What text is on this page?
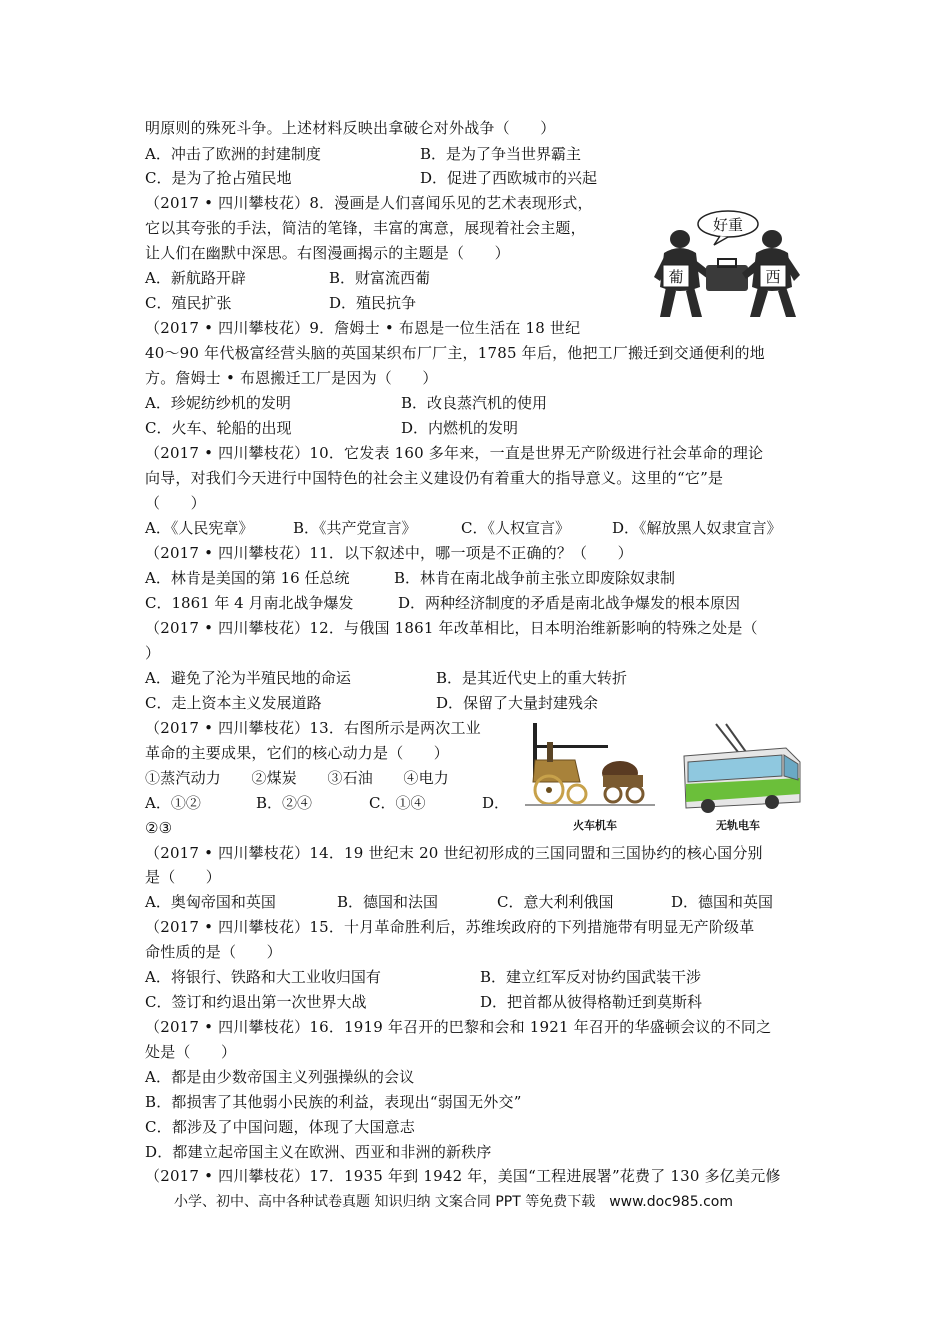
明原则的殊死斗争。上述材料反映出拿破仑对外战争（　　）
A．冲击了欧洲的封建制度	B．是为了争当世界霸主
C．是为了抢占殖民地	D．促进了西欧城市的兴起
（2017 • 四川攀枝花）8．漫画是人们喜闻乐见的艺术表现形式，
它以其夸张的手法，简洁的笔锋，丰富的寓意，展现着社会主题，
让人们在幽默中深思。右图漫画揭示的主题是（　　）
A．新航路开辟	B．财富流西葡
C．殖民扩张	D．殖民抗争
好重
葡	西
（2017 • 四川攀枝花）9．詹姆士 • 布恩是一位生活在 18 世纪
40～90 年代极富经营头脑的英国某织布厂厂主，1785 年后，他把工厂搬迁到交通便利的地
方。詹姆士 • 布恩搬迁工厂是因为（　　）
A．珍妮纺纱机的发明	B．改良蒸汽机的使用
C．火车、轮船的出现	D．内燃机的发明
（2017 • 四川攀枝花）10．它发表 160 多年来，一直是世界无产阶级进行社会革命的理论
向导，对我们今天进行中国特色的社会主义建设仍有着重大的指导意义。这里的“它”是
（　　）
A．《人民宪章》	B．《共产党宣言》	C．《人权宣言》	D．《解放黑人奴隶宣言》
（2017 • 四川攀枝花）11．以下叙述中，哪一项是不正确的？（　　）
A．林肯是美国的第 16 任总统	B．林肯在南北战争前主张立即废除奴隶制
C．1861 年 4 月南北战争爆发	D．两种经济制度的矛盾是南北战争爆发的根本原因
（2017 • 四川攀枝花）12．与俄国 1861 年改革相比，日本明治维新影响的特殊之处是（
）
A．避免了沦为半殖民地的命运	B．是其近代史上的重大转折
C．走上资本主义发展道路	D．保留了大量封建残余
（2017 • 四川攀枝花）13．右图所示是两次工业
革命的主要成果，它们的核心动力是（　　）
①蒸汽动力　　②煤炭　　③石油　　④电力
A．①②	B．②④	C．①④	D．
②③	火车机车	无轨电车
（2017 • 四川攀枝花）14．19 世纪末 20 世纪初形成的三国同盟和三国协约的核心国分别
是（　　）
A．奥匈帝国和英国	B．德国和法国	C．意大利利俄国	D．德国和英国
（2017 • 四川攀枝花）15．十月革命胜利后，苏维埃政府的下列措施带有明显无产阶级革
命性质的是（　　）
A．将银行、铁路和大工业收归国有	B．建立红军反对协约国武装干涉
C．签订和约退出第一次世界大战	D．把首都从彼得格勒迁到莫斯科
（2017 • 四川攀枝花）16．1919 年召开的巴黎和会和 1921 年召开的华盛顿会议的不同之
处是（　　）
A．都是由少数帝国主义列强操纵的会议
B．都损害了其他弱小民族的利益，表现出“弱国无外交”
C．都涉及了中国问题，体现了大国意志
D．都建立起帝国主义在欧洲、西亚和非洲的新秩序
（2017 • 四川攀枝花）17．1935 年到 1942 年，美国“工程进展署”花费了 130 多亿美元修
小学、初中、高中各种试卷真题 知识归纳 文案合同 PPT 等免费下载　www.doc985.com
